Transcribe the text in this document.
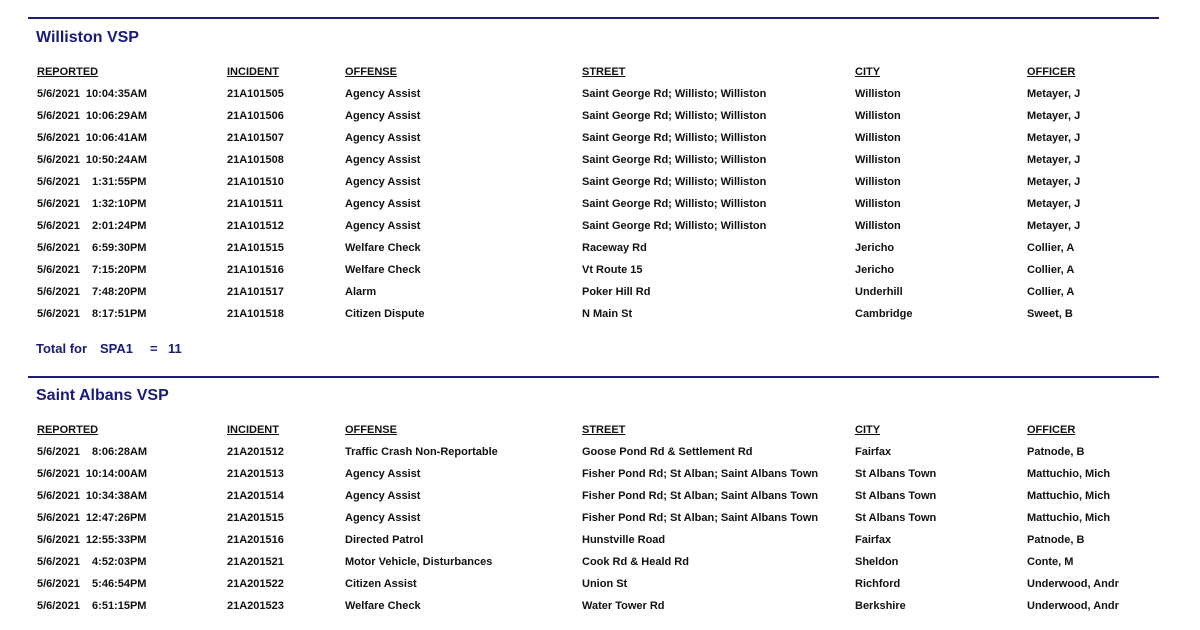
Williston VSP
REPORTED	INCIDENT	OFFENSE	STREET	CITY	OFFICER
5/6/2021  10:04:35AM	21A101505	Agency Assist	Saint George Rd; Willisto; Williston	Williston	Metayer, J
5/6/2021  10:06:29AM	21A101506	Agency Assist	Saint George Rd; Willisto; Williston	Williston	Metayer, J
5/6/2021  10:06:41AM	21A101507	Agency Assist	Saint George Rd; Willisto; Williston	Williston	Metayer, J
5/6/2021  10:50:24AM	21A101508	Agency Assist	Saint George Rd; Willisto; Williston	Williston	Metayer, J
5/6/2021    1:31:55PM	21A101510	Agency Assist	Saint George Rd; Willisto; Williston	Williston	Metayer, J
5/6/2021    1:32:10PM	21A101511	Agency Assist	Saint George Rd; Willisto; Williston	Williston	Metayer, J
5/6/2021    2:01:24PM	21A101512	Agency Assist	Saint George Rd; Willisto; Williston	Williston	Metayer, J
5/6/2021    6:59:30PM	21A101515	Welfare Check	Raceway Rd	Jericho	Collier, A
5/6/2021    7:15:20PM	21A101516	Welfare Check	Vt Route 15	Jericho	Collier, A
5/6/2021    7:48:20PM	21A101517	Alarm	Poker Hill Rd	Underhill	Collier, A
5/6/2021    8:17:51PM	21A101518	Citizen Dispute	N Main St	Cambridge	Sweet, B

Total for

SPA1

=

11

Saint Albans VSP
REPORTED	INCIDENT	OFFENSE	STREET	CITY	OFFICER
5/6/2021    8:06:28AM	21A201512	Traffic Crash Non-Reportable	Goose Pond Rd & Settlement Rd	Fairfax	Patnode, B
5/6/2021  10:14:00AM	21A201513	Agency Assist	Fisher Pond Rd; St Alban; Saint Albans Town	St Albans Town	Mattuchio, Mich
5/6/2021  10:34:38AM	21A201514	Agency Assist	Fisher Pond Rd; St Alban; Saint Albans Town	St Albans Town	Mattuchio, Mich
5/6/2021  12:47:26PM	21A201515	Agency Assist	Fisher Pond Rd; St Alban; Saint Albans Town	St Albans Town	Mattuchio, Mich
5/6/2021  12:55:33PM	21A201516	Directed Patrol	Hunstville Road	Fairfax	Patnode, B
5/6/2021    4:52:03PM	21A201521	Motor Vehicle, Disturbances	Cook Rd & Heald Rd	Sheldon	Conte, M
5/6/2021    5:46:54PM	21A201522	Citizen Assist	Union St	Richford	Underwood, Andr
5/6/2021    6:51:15PM	21A201523	Welfare Check	Water Tower Rd	Berkshire	Underwood, Andr
